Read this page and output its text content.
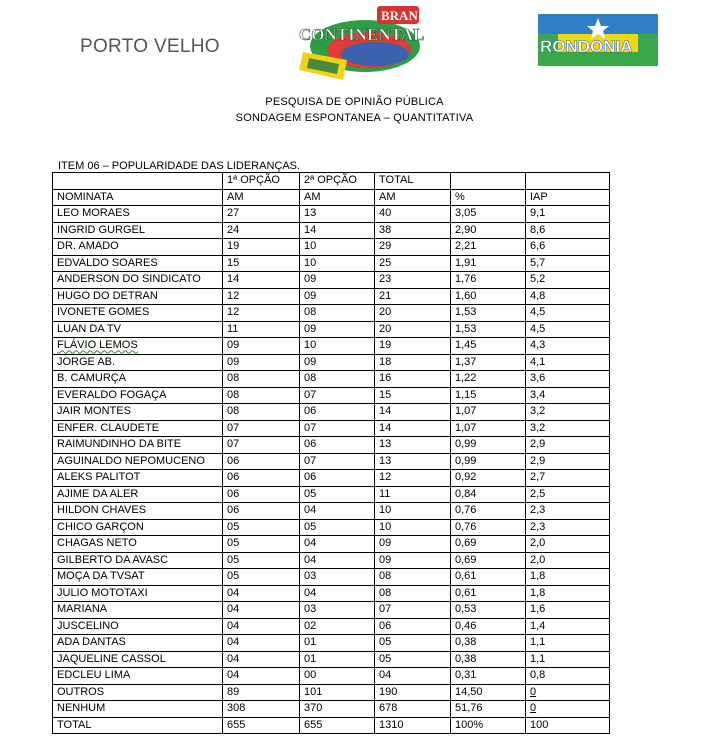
PORTO VELHO
BRAN
CONTINENTAL
RONDONIA
PESQUISA DE OPINIÃO PÚBLICA
SONDAGEM ESPONTANEA – QUANTITATIVA
ITEM 06 – POPULARIDADE DAS LIDERANÇAS.
	1ª OPÇÃO	2ª OPÇÃO	TOTAL		
NOMINATA	AM	AM	AM	%	IAP
LEO MORAES	27	13	40	3,05	9,1
INGRID GURGEL	24	14	38	2,90	8,6
DR. AMADO	19	10	29	2,21	6,6
EDVALDO SOARES	15	10	25	1,91	5,7
ANDERSON DO SINDICATO	14	09	23	1,76	5,2
HUGO DO DETRAN	12	09	21	1,60	4,8
IVONETE GOMES	12	08	20	1,53	4,5
LUAN DA TV	11	09	20	1,53	4,5
FLÁVIO LEMOS	09	10	19	1,45	4,3
JORGE AB.	09	09	18	1,37	4,1
B. CAMURÇA	08	08	16	1,22	3,6
EVERALDO FOGAÇA	08	07	15	1,15	3,4
JAIR MONTES	08	06	14	1,07	3,2
ENFER. CLAUDETE	07	07	14	1,07	3,2
RAIMUNDINHO DA BITE	07	06	13	0,99	2,9
AGUINALDO NEPOMUCENO	06	07	13	0,99	2,9
ALEKS PALITOT	06	06	12	0,92	2,7
AJIME DA ALER	06	05	11	0,84	2,5
HILDON CHAVES	06	04	10	0,76	2,3
CHICO GARÇON	05	05	10	0,76	2,3
CHAGAS NETO	05	04	09	0,69	2,0
GILBERTO DA AVASC	05	04	09	0,69	2,0
MOÇA DA TVSAT	05	03	08	0,61	1,8
JULIO MOTOTAXI	04	04	08	0,61	1,8
MARIANA	04	03	07	0,53	1,6
JUSCELINO	04	02	06	0,46	1,4
ADA DANTAS	04	01	05	0,38	1,1
JAQUELINE CASSOL	04	01	05	0,38	1,1
EDCLEU LIMA	04	00	04	0,31	0,8
OUTROS	89	101	190	14,50	0
NENHUM	308	370	678	51,76	0
TOTAL	655	655	1310	100%	100
